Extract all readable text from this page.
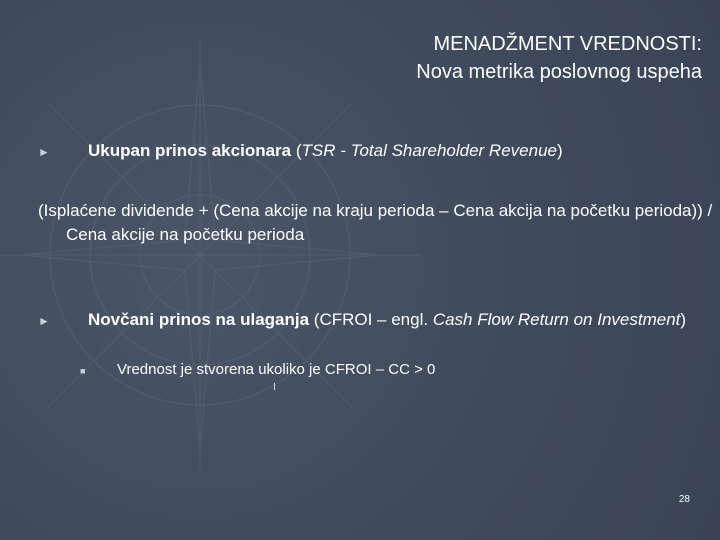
MENADŽMENT VREDNOSTI:
Nova metrika poslovnog uspeha
► Ukupan prinos akcionara (TSR - Total Shareholder Revenue)
(Isplaćene dividende + (Cena akcije na kraju perioda – Cena akcija na početku perioda)) / Cena akcije na početku perioda
► Novčani prinos na ulaganja (CFROI – engl. Cash Flow Return on Investment)
■ Vrednost je stvorena ukoliko je CFROI – CC > 0
28
